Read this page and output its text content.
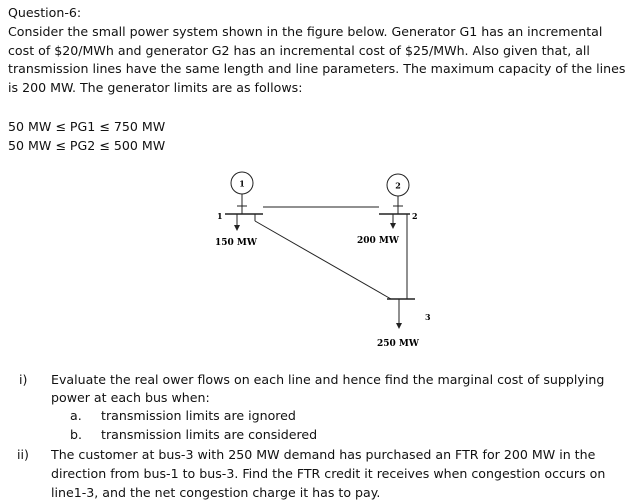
Question-6:
Consider the small power system shown in the figure below. Generator G1 has an incremental
cost of $20/MWh and generator G2 has an incremental cost of $25/MWh. Also given that, all
transmission lines have the same length and line parameters. The maximum capacity of the lines
is 200 MW. The generator limits are as follows:
50 MW ≤ PG1 ≤ 750 MW
50 MW ≤ PG2 ≤ 500 MW
1	2
1	2
3
150 MW	200 MW
250 MW
i) Evaluate the real ower flows on each line and hence find the marginal cost of supplying
power at each bus when:
a. transmission limits are ignored
b. transmission limits are considered
ii) The customer at bus-3 with 250 MW demand has purchased an FTR for 200 MW in the
direction from bus-1 to bus-3. Find the FTR credit it receives when congestion occurs on
line1-3, and the net congestion charge it has to pay.
